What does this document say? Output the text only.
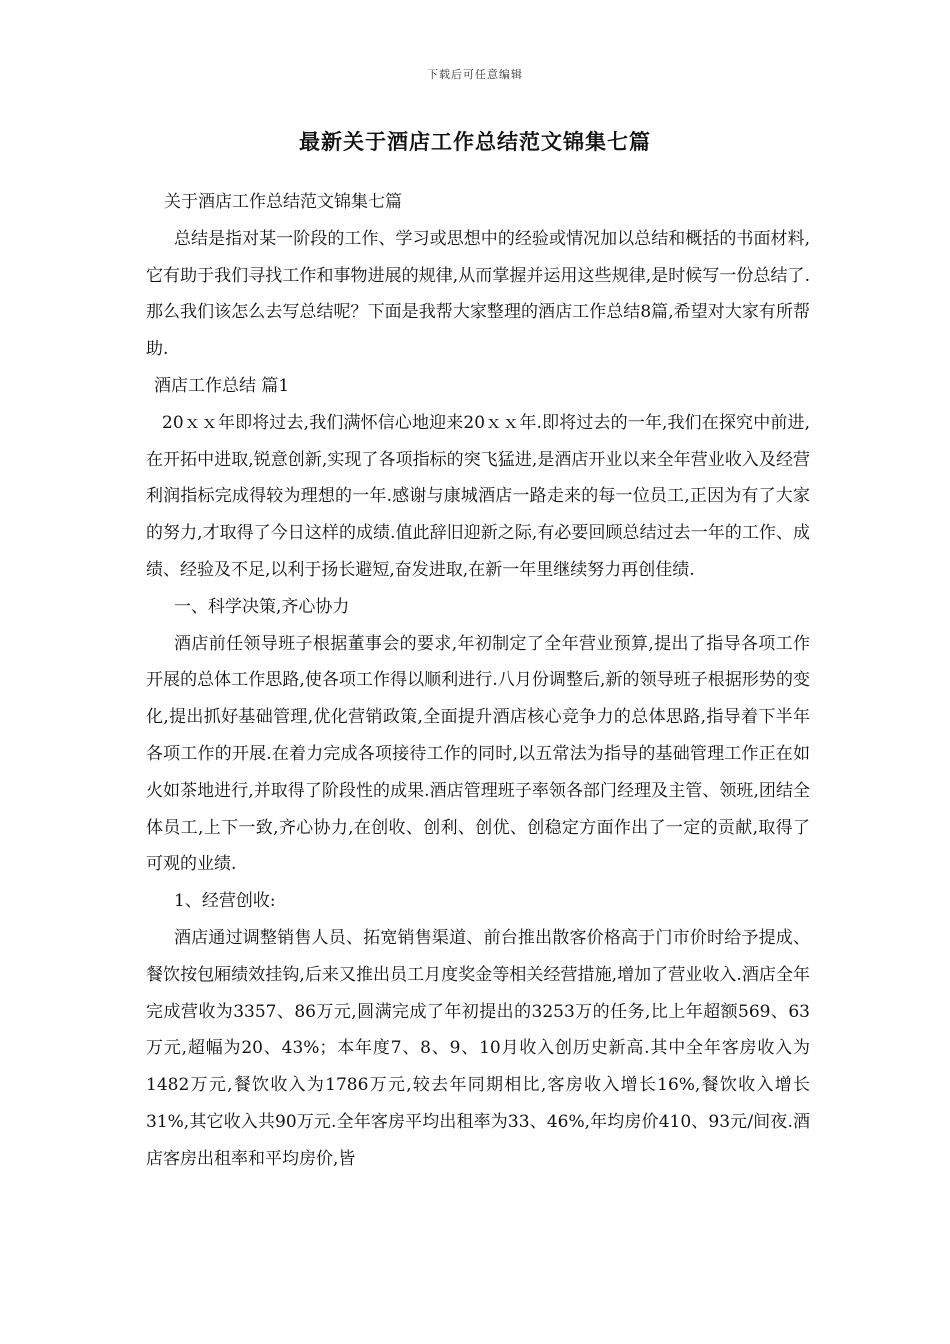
下载后可任意编辑
最新关于酒店工作总结范文锦集七篇

关于酒店工作总结范文锦集七篇

总结是指对某一阶段的工作、学习或思想中的经验或情况加以总结和概括的书面材料,它有助于我们寻找工作和事物进展的规律,从而掌握并运用这些规律,是时候写一份总结了.那么我们该怎么去写总结呢？下面是我帮大家整理的酒店工作总结8篇,希望对大家有所帮助.

酒店工作总结 篇1

20ｘｘ年即将过去,我们满怀信心地迎来20ｘｘ年.即将过去的一年,我们在探究中前进,在开拓中进取,锐意创新,实现了各项指标的突飞猛进,是酒店开业以来全年营业收入及经营利润指标完成得较为理想的一年.感谢与康城酒店一路走来的每一位员工,正因为有了大家的努力,才取得了今日这样的成绩.值此辞旧迎新之际,有必要回顾总结过去一年的工作、成绩、经验及不足,以利于扬长避短,奋发进取,在新一年里继续努力再创佳绩.

一、科学决策,齐心协力

酒店前任领导班子根据董事会的要求,年初制定了全年营业预算,提出了指导各项工作开展的总体工作思路,使各项工作得以顺利进行.八月份调整后,新的领导班子根据形势的变化,提出抓好基础管理,优化营销政策,全面提升酒店核心竞争力的总体思路,指导着下半年各项工作的开展.在着力完成各项接待工作的同时,以五常法为指导的基础管理工作正在如火如茶地进行,并取得了阶段性的成果.酒店管理班子率领各部门经理及主管、领班,团结全体员工,上下一致,齐心协力,在创收、创利、创优、创稳定方面作出了一定的贡献,取得了可观的业绩.

1、经营创收:

酒店通过调整销售人员、拓宽销售渠道、前台推出散客价格高于门市价时给予提成、餐饮按包厢绩效挂钩,后来又推出员工月度奖金等相关经营措施,增加了营业收入.酒店全年完成营收为3357、86万元,圆满完成了年初提出的3253万的任务,比上年超额569、63万元,超幅为20、43%；本年度7、8、9、10月收入创历史新高.其中全年客房收入为1482万元,餐饮收入为1786万元,较去年同期相比,客房收入增长16%,餐饮收入增长31%,其它收入共90万元.全年客房平均出租率为33、46%,年均房价410、93元/间夜.酒店客房出租率和平均房价,皆
